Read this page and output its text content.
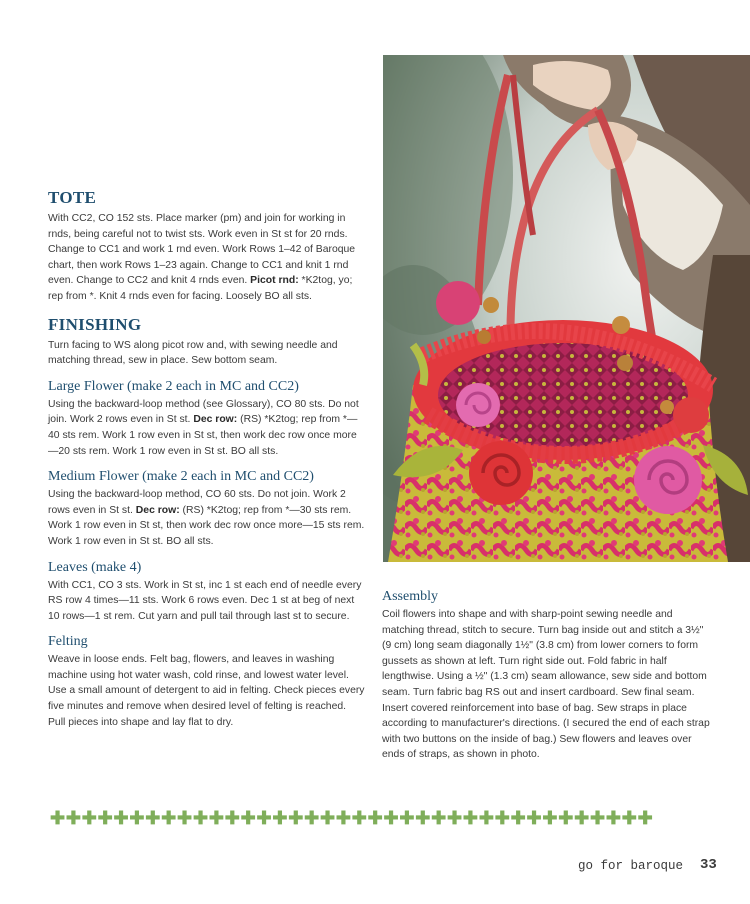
TOTE

With CC2, CO 152 sts. Place marker (pm) and join for working in rnds, being careful not to twist sts. Work even in St st for 20 rnds. Change to CC1 and work 1 rnd even. Work Rows 1–42 of Baroque chart, then work Rows 1–23 again. Change to CC1 and knit 1 rnd even. Change to CC2 and knit 4 rnds even. Picot rnd: *K2tog, yo; rep from *. Knit 4 rnds even for facing. Loosely BO all sts.

FINISHING

Turn facing to WS along picot row and, with sewing needle and matching thread, sew in place. Sew bottom seam.

Large Flower (make 2 each in MC and CC2)

Using the backward-loop method (see Glossary), CO 80 sts. Do not join. Work 2 rows even in St st. Dec row: (RS) *K2tog; rep from *—40 sts rem. Work 1 row even in St st, then work dec row once more—20 sts rem. Work 1 row even in St st. BO all sts.

Medium Flower (make 2 each in MC and CC2)

Using the backward-loop method, CO 60 sts. Do not join. Work 2 rows even in St st. Dec row: (RS) *K2tog; rep from *—30 sts rem. Work 1 row even in St st, then work dec row once more—15 sts rem. Work 1 row even in St st. BO all sts.

Leaves (make 4)

With CC1, CO 3 sts. Work in St st, inc 1 st each end of needle every RS row 4 times—11 sts. Work 6 rows even. Dec 1 st at beg of next 10 rows—1 st rem. Cut yarn and pull tail through last st to secure.

Felting

Weave in loose ends. Felt bag, flowers, and leaves in washing machine using hot water wash, cold rinse, and lowest water level. Use a small amount of detergent to aid in felting. Check pieces every five minutes and remove when desired level of felting is reached. Pull pieces into shape and lay flat to dry.

Assembly

Coil flowers into shape and with sharp-point sewing needle and matching thread, stitch to secure. Turn bag inside out and stitch a 3½" (9 cm) long seam diagonally 1½" (3.8 cm) from lower corners to form gussets as shown at left. Turn right side out. Fold fabric in half lengthwise. Using a ½" (1.3 cm) seam allowance, sew side and bottom seam. Turn fabric bag RS out and insert cardboard. Sew final seam. Insert covered reinforcement into base of bag. Sew straps in place according to manufacturer's directions. (I secured the end of each strap with two buttons on the inside of bag.) Sew flowers and leaves over ends of straps, as shown in photo.

✚✚✚✚✚✚✚✚✚✚✚✚✚✚✚✚✚✚✚✚✚✚✚✚✚✚✚✚✚✚✚✚✚✚✚✚✚✚
go for baroque 33
